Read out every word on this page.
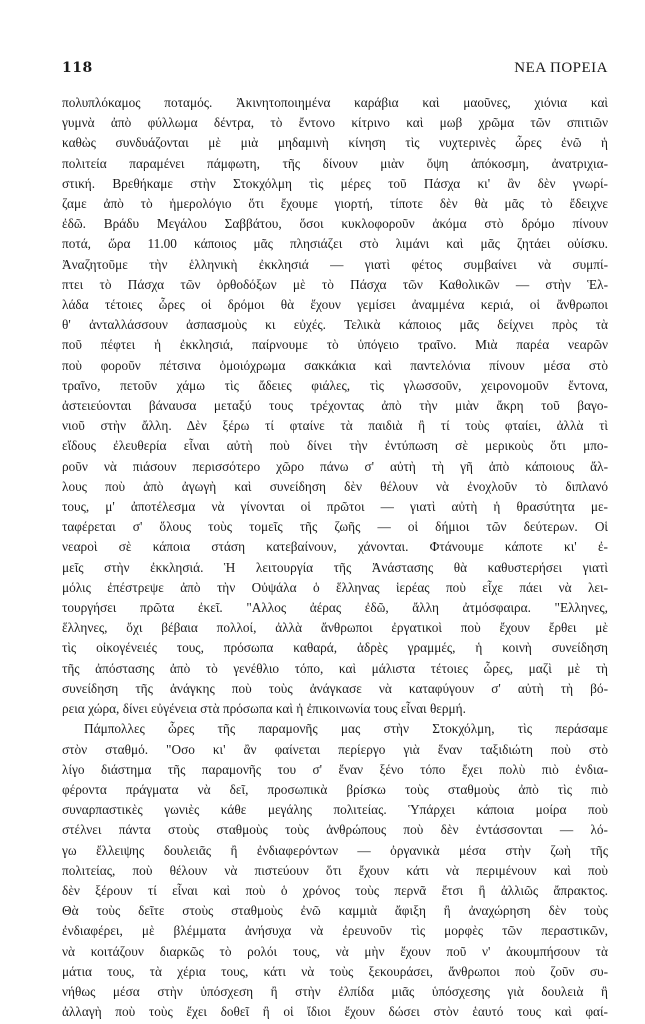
118	ΝΕΑ ΠΟΡΕΙΑ
πολυπλόκαμος ποταμός. Ἀκινητοποιημένα καράβια καὶ μαοῦνες, χιόνια καὶ
γυμνὰ ἀπὸ φύλλωμα δέντρα, τὸ ἔντονο κίτρινο καὶ μωβ χρῶμα τῶν σπιτιῶν
καθὼς συνδυάζονται μὲ μιὰ μηδαμινὴ κίνηση τὶς νυχτερινὲς ὧρες ἐνῶ ἡ
πολιτεία παραμένει πάμφωτη, τῆς δίνουν μιὰν ὄψη ἀπόκοσμη, ἀνατριχια-
στική. Βρεθήκαμε στὴν Στοκχόλμη τὶς μέρες τοῦ Πάσχα κι' ἂν δὲν γνωρί-
ζαμε ἀπὸ τὸ ἡμερολόγιο ὅτι ἔχουμε γιορτή, τίποτε δὲν θὰ μᾶς τὸ ἔδειχνε
ἐδῶ. Βράδυ Μεγάλου Σαββάτου, ὅσοι κυκλοφοροῦν ἀκόμα στὸ δρόμο πίνουν
ποτά, ὥρα 11.00 κάποιος μᾶς πλησιάζει στὸ λιμάνι καὶ μᾶς ζητάει οὐίσκυ.
Ἀναζητοῦμε τὴν ἑλληνικὴ ἐκκλησιά — γιατὶ φέτος συμβαίνει νὰ συμπί-
πτει τὸ Πάσχα τῶν ὀρθοδόξων μὲ τὸ Πάσχα τῶν Καθολικῶν — στὴν Ἑλ-
λάδα τέτοιες ὧρες οἱ δρόμοι θὰ ἔχουν γεμίσει ἀναμμένα κεριά, οἱ ἄνθρωποι
θ' ἀνταλλάσσουν ἀσπασμοὺς κι εὐχές. Τελικὰ κάποιος μᾶς δείχνει πρὸς τὰ
ποῦ πέφτει ἡ ἐκκλησιά, παίρνουμε τὸ ὑπόγειο τραῖνο. Μιὰ παρέα νεαρῶν
ποὺ φοροῦν πέτσινα ὁμοιόχρωμα σακκάκια καὶ παντελόνια πίνουν μέσα στὸ
τραῖνο, πετοῦν χάμω τὶς ἄδειες φιάλες, τὶς γλωσσοῦν, χειρονομοῦν ἔντονα,
ἀστειεύονται βάναυσα μεταξύ τους τρέχοντας ἀπὸ τὴν μιὰν ἄκρη τοῦ βαγο-
νιοῦ στὴν ἄλλη. Δὲν ξέρω τί φταίνε τὰ παιδιὰ ἢ τί τοὺς φταίει, ἀλλὰ τὶ
εἴδους ἐλευθερία εἶναι αὐτὴ ποὺ δίνει τὴν ἐντύπωση σὲ μερικοὺς ὅτι μπο-
ροῦν νὰ πιάσουν περισσότερο χῶρο πάνω σ' αὐτὴ τὴ γῆ ἀπὸ κάποιους ἄλ-
λους ποὺ ἀπὸ ἀγωγὴ καὶ συνείδηση δὲν θέλουν νὰ ἐνοχλοῦν τὸ διπλανό
τους, μ' ἀποτέλεσμα νὰ γίνονται οἱ πρῶτοι — γιατὶ αὐτὴ ἡ θρασύτητα με-
ταφέρεται σ' ὅλους τοὺς τομεῖς τῆς ζωῆς — οἱ δήμιοι τῶν δεύτερων. Οἱ
νεαροὶ σὲ κάποια στάση κατεβαίνουν, χάνονται. Φτάνουμε κάποτε κι' ἐ-
μεῖς στὴν ἐκκλησιά. Ἡ λειτουργία τῆς Ἀνάστασης θὰ καθυστερήσει γιατὶ
μόλις ἐπέστρεψε ἀπὸ τὴν Οὐψάλα ὁ ἕλληνας ἱερέας ποὺ εἶχε πάει νὰ λει-
τουργήσει πρῶτα ἐκεῖ. "Αλλος ἀέρας ἐδῶ, ἄλλη ἀτμόσφαιρα. "Ελληνες,
ἕλληνες, ὄχι βέβαια πολλοί, ἀλλὰ ἄνθρωποι ἐργατικοὶ ποὺ ἔχουν ἔρθει μὲ
τὶς οἰκογένειές τους, πρόσωπα καθαρά, ἀδρὲς γραμμές, ἡ κοινὴ συνείδηση
τῆς ἀπόστασης ἀπὸ τὸ γενέθλιο τόπο, καὶ μάλιστα τέτοιες ὧρες, μαζὶ μὲ τὴ
συνείδηση τῆς ἀνάγκης ποὺ τοὺς ἀνάγκασε νὰ καταφύγουν σ' αὐτὴ τὴ βό-
ρεια χώρα, δίνει εὐγένεια στὰ πρόσωπα καὶ ἡ ἐπικοινωνία τους εἶναι θερμή.
Πάμπολλες ὧρες τῆς παραμονῆς μας στὴν Στοκχόλμη, τὶς περάσαμε
στὸν σταθμό. "Οσο κι' ἂν φαίνεται περίεργο γιὰ ἕναν ταξιδιώτη ποὺ στὸ
λίγο διάστημα τῆς παραμονῆς του σ' ἕναν ξένο τόπο ἔχει πολὺ πιὸ ἐνδια-
φέροντα πράγματα νὰ δεῖ, προσωπικὰ βρίσκω τοὺς σταθμοὺς ἀπὸ τὶς πιὸ
συναρπαστικὲς γωνιὲς κάθε μεγάλης πολιτείας. Ὑπάρχει κάποια μοίρα ποὺ
στέλνει πάντα στοὺς σταθμοὺς τοὺς ἀνθρώπους ποὺ δὲν ἐντάσσονται — λό-
γω ἔλλειψης δουλειᾶς ἢ ἐνδιαφερόντων — ὀργανικὰ μέσα στὴν ζωὴ τῆς
πολιτείας, ποὺ θέλουν νὰ πιστεύουν ὅτι ἔχουν κάτι νὰ περιμένουν καὶ ποὺ
δὲν ξέρουν τί εἶναι καὶ ποὺ ὁ χρόνος τοὺς περνᾶ ἔτσι ἢ ἀλλιῶς ἄπρακτος.
Θὰ τοὺς δεῖτε στοὺς σταθμοὺς ἐνῶ καμμιὰ ἄφιξη ἢ ἀναχώρηση δὲν τοὺς
ἐνδιαφέρει, μὲ βλέμματα ἀνήσυχα νὰ ἐρευνοῦν τὶς μορφὲς τῶν περαστικῶν,
νὰ κοιτάζουν διαρκῶς τὸ ρολόι τους, νὰ μὴν ἔχουν ποῦ ν' ἀκουμπήσουν τὰ
μάτια τους, τὰ χέρια τους, κάτι νὰ τοὺς ξεκουράσει, ἄνθρωποι ποὺ ζοῦν συ-
νήθως μέσα στὴν ὑπόσχεση ἢ στὴν ἐλπίδα μιᾶς ὑπόσχεσης γιὰ δουλειὰ ἢ
ἀλλαγὴ ποὺ τοὺς ἔχει δοθεῖ ἢ οἱ ἴδιοι ἔχουν δώσει στὸν ἑαυτό τους καὶ φαί-
